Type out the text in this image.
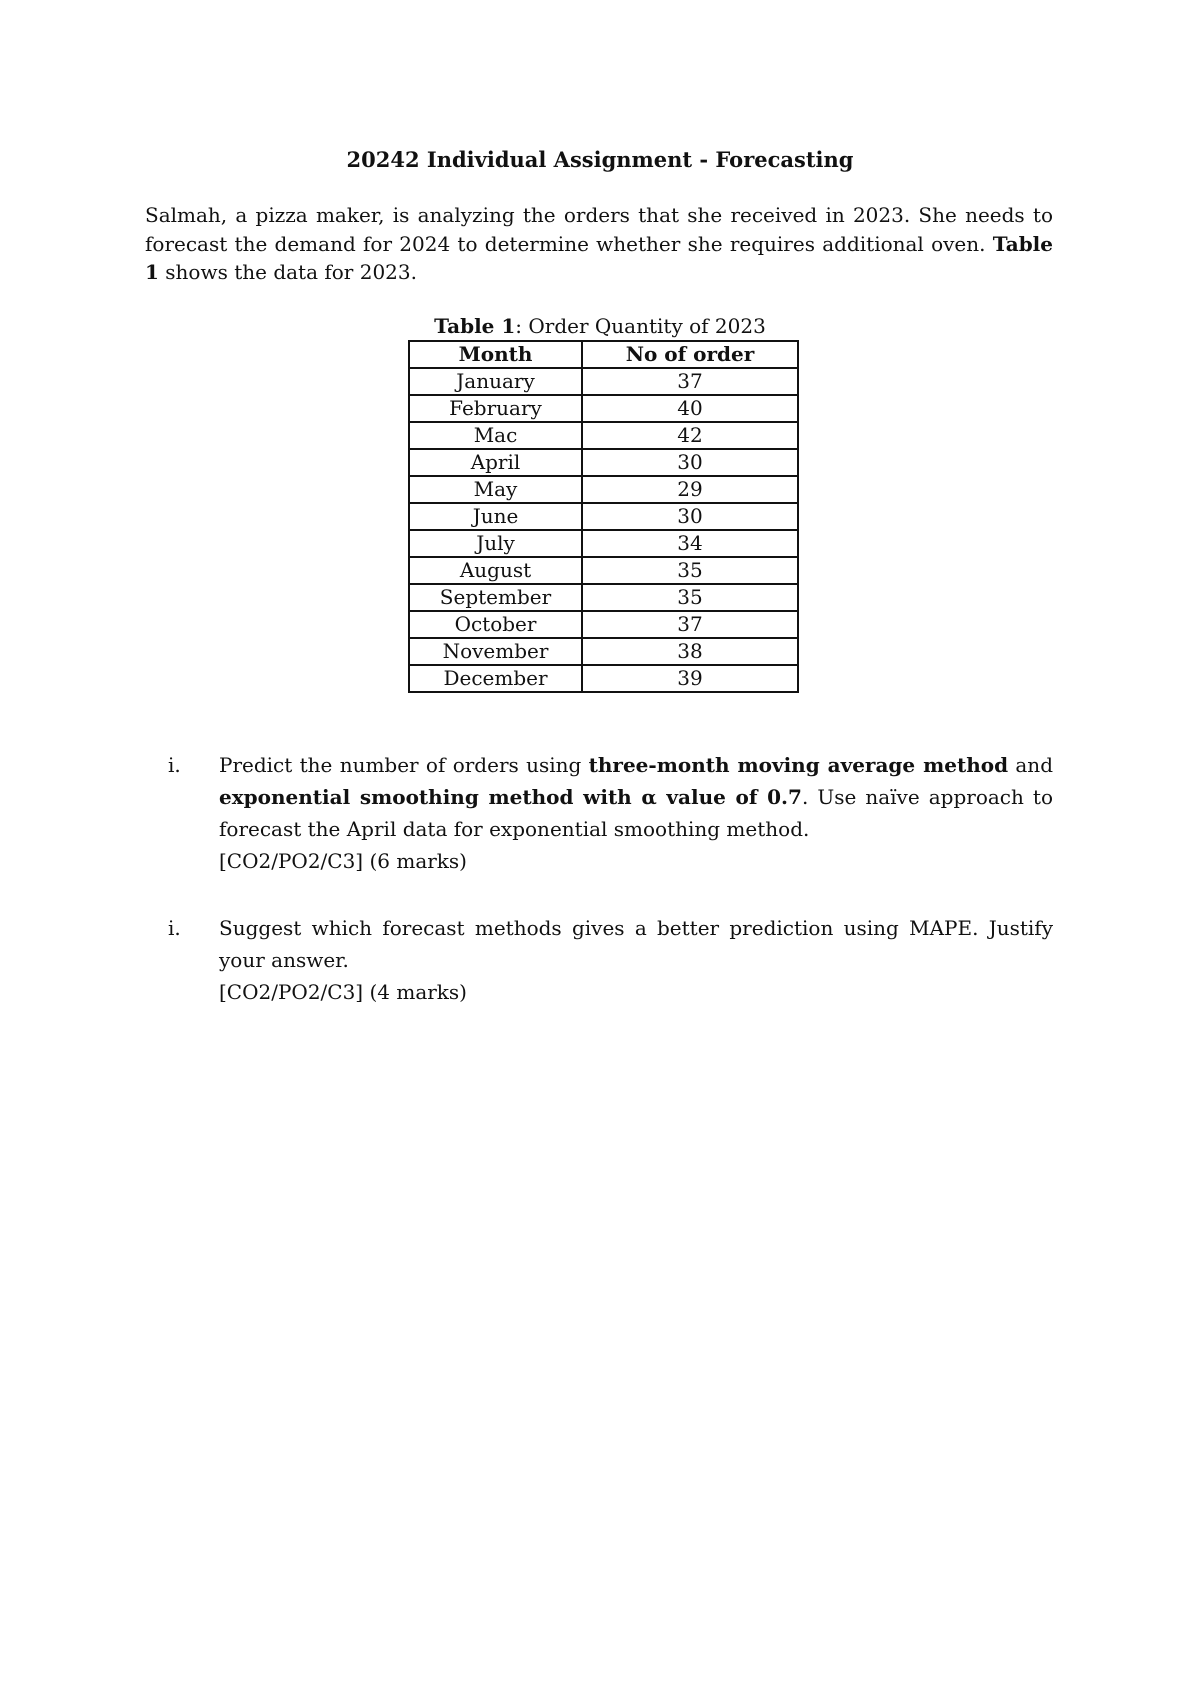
20242 Individual Assignment - Forecasting

Salmah, a pizza maker, is analyzing the orders that she received in 2023. She needs to forecast the demand for 2024 to determine whether she requires additional oven. Table 1 shows the data for 2023.

Table 1: Order Quantity of 2023

Month	No of order
January	37
February	40
Mac	42
April	30
May	29
June	30
July	34
August	35
September	35
October	37
November	38
December	39
i. Predict the number of orders using three-month moving average method and exponential smoothing method with α value of 0.7. Use naïve approach to forecast the April data for exponential smoothing method.
[CO2/PO2/C3] (6 marks)
i. Suggest which forecast methods gives a better prediction using MAPE. Justify your answer.
[CO2/PO2/C3] (4 marks)
